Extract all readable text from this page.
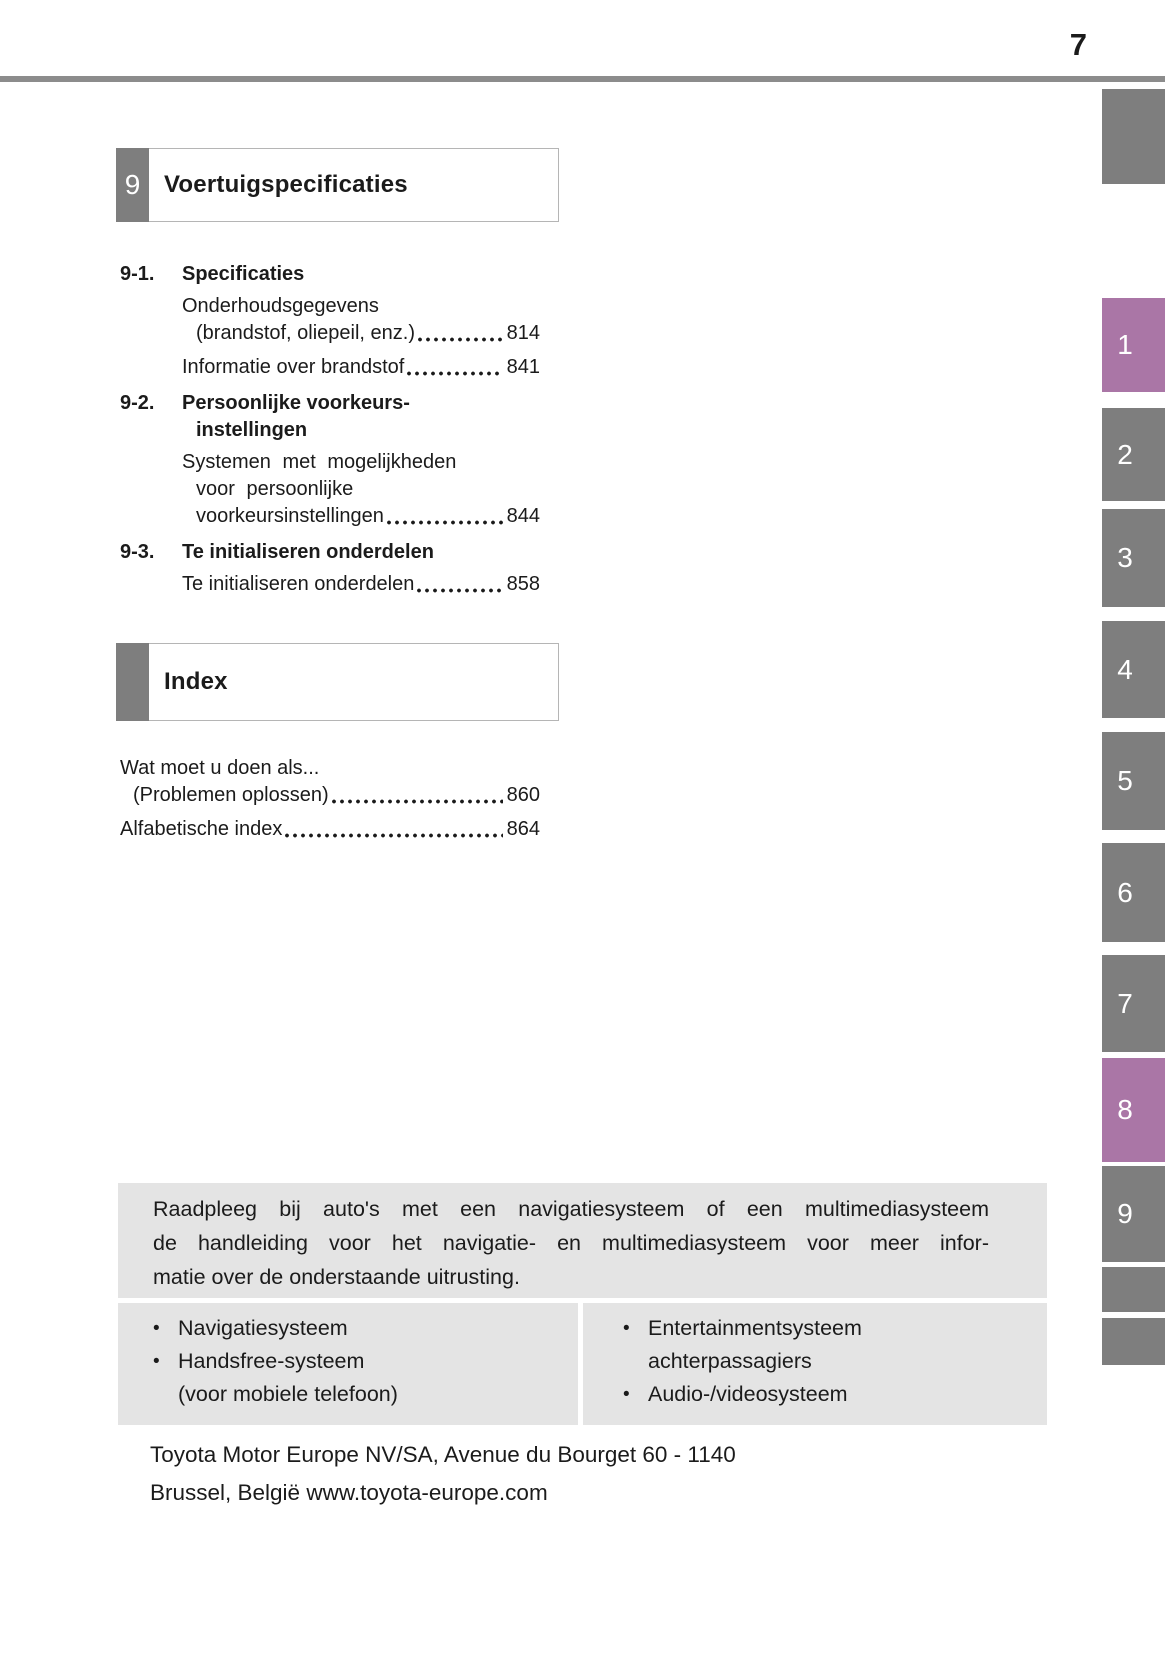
7
9 Voertuigspecificaties
9-1. Specificaties
Onderhoudsgegevens
(brandstof, oliepeil, enz.)	814
Informatie over brandstof	841
9-2. Persoonlijke voorkeurs-
instellingen
Systemen met mogelijkheden
voor persoonlijke
voorkeursinstellingen	844
9-3. Te initialiseren onderdelen
Te initialiseren onderdelen	858
Index
Wat moet u doen als...
(Problemen oplossen)	860
Alfabetische index	864
Raadpleeg bij auto's met een navigatiesysteem of een multimediasysteem
de handleiding voor het navigatie- en multimediasysteem voor meer infor-
matie over de onderstaande uitrusting.
• Navigatiesysteem
• Handsfree-systeem
(voor mobiele telefoon)
• Entertainmentsysteem
achterpassagiers
• Audio-/videosysteem
Toyota Motor Europe NV/SA, Avenue du Bourget 60 - 1140
Brussel, België www.toyota-europe.com
1
2
3
4
5
6
7
8
9
